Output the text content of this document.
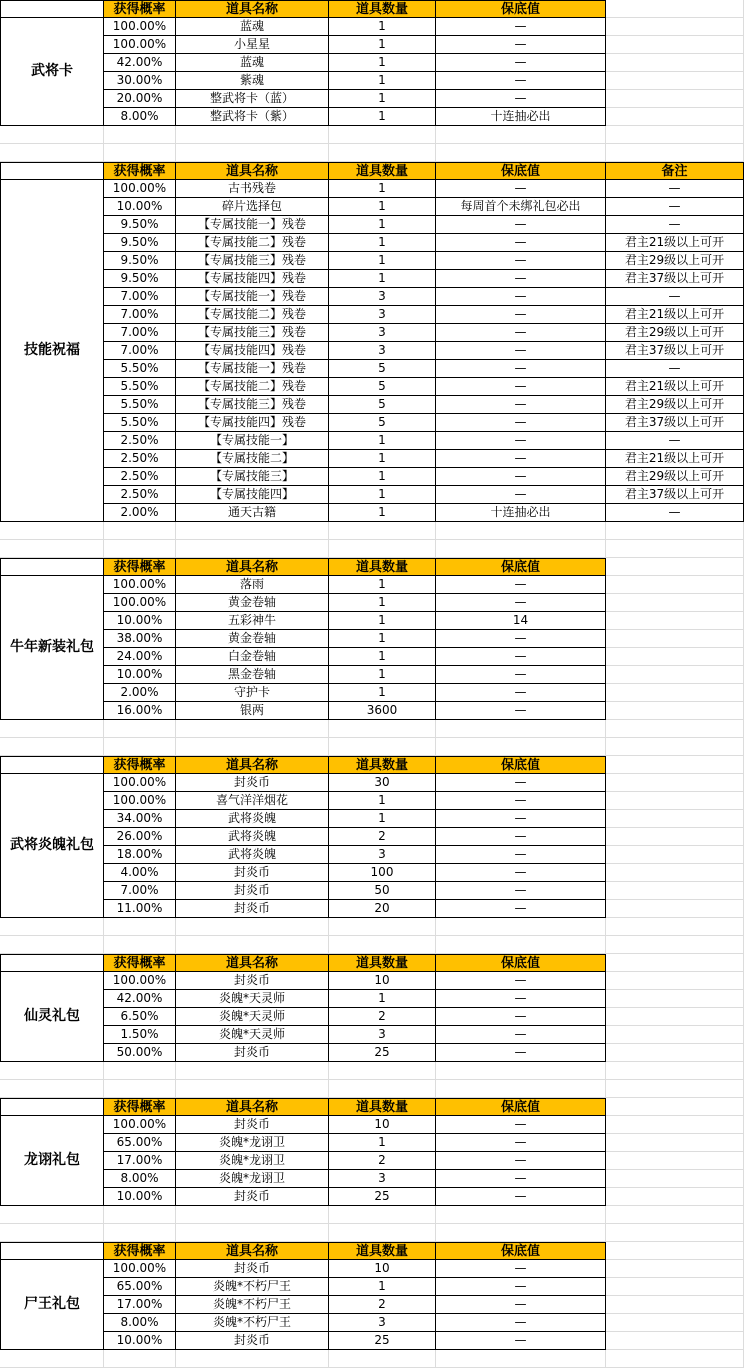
获得概率	道具名称	道具数量	保底值
武将卡
100.00%	蓝魂	1	—
100.00%	小星星	1	—
42.00%	蓝魂	1	—
30.00%	紫魂	1	—
20.00%	整武将卡（蓝）	1	—
8.00%	整武将卡（紫）	1	十连抽必出
获得概率	道具名称	道具数量	保底值	备注
技能祝福
100.00%	古书残卷	1	—	—
10.00%	碎片选择包	1	每周首个未绑礼包必出	—
9.50%	【专属技能一】残卷	1	—	—
9.50%	【专属技能二】残卷	1	—	君主21级以上可开
9.50%	【专属技能三】残卷	1	—	君主29级以上可开
9.50%	【专属技能四】残卷	1	—	君主37级以上可开
7.00%	【专属技能一】残卷	3	—	—
7.00%	【专属技能二】残卷	3	—	君主21级以上可开
7.00%	【专属技能三】残卷	3	—	君主29级以上可开
7.00%	【专属技能四】残卷	3	—	君主37级以上可开
5.50%	【专属技能一】残卷	5	—	—
5.50%	【专属技能二】残卷	5	—	君主21级以上可开
5.50%	【专属技能三】残卷	5	—	君主29级以上可开
5.50%	【专属技能四】残卷	5	—	君主37级以上可开
2.50%	【专属技能一】	1	—	—
2.50%	【专属技能二】	1	—	君主21级以上可开
2.50%	【专属技能三】	1	—	君主29级以上可开
2.50%	【专属技能四】	1	—	君主37级以上可开
2.00%	通天古籍	1	十连抽必出	—
获得概率	道具名称	道具数量	保底值
牛年新装礼包
100.00%	落雨	1	—
100.00%	黄金卷轴	1	—
10.00%	五彩神牛	1	14
38.00%	黄金卷轴	1	—
24.00%	白金卷轴	1	—
10.00%	黑金卷轴	1	—
2.00%	守护卡	1	—
16.00%	银两	3600	—
获得概率	道具名称	道具数量	保底值
武将炎魄礼包
100.00%	封炎币	30	—
100.00%	喜气洋洋烟花	1	—
34.00%	武将炎魄	1	—
26.00%	武将炎魄	2	—
18.00%	武将炎魄	3	—
4.00%	封炎币	100	—
7.00%	封炎币	50	—
11.00%	封炎币	20	—
获得概率	道具名称	道具数量	保底值
仙灵礼包
100.00%	封炎币	10	—
42.00%	炎魄*天灵师	1	—
6.50%	炎魄*天灵师	2	—
1.50%	炎魄*天灵师	3	—
50.00%	封炎币	25	—
获得概率	道具名称	道具数量	保底值
龙诩礼包
100.00%	封炎币	10	—
65.00%	炎魄*龙诩卫	1	—
17.00%	炎魄*龙诩卫	2	—
8.00%	炎魄*龙诩卫	3	—
10.00%	封炎币	25	—
获得概率	道具名称	道具数量	保底值
尸王礼包
100.00%	封炎币	10	—
65.00%	炎魄*不朽尸王	1	—
17.00%	炎魄*不朽尸王	2	—
8.00%	炎魄*不朽尸王	3	—
10.00%	封炎币	25	—
